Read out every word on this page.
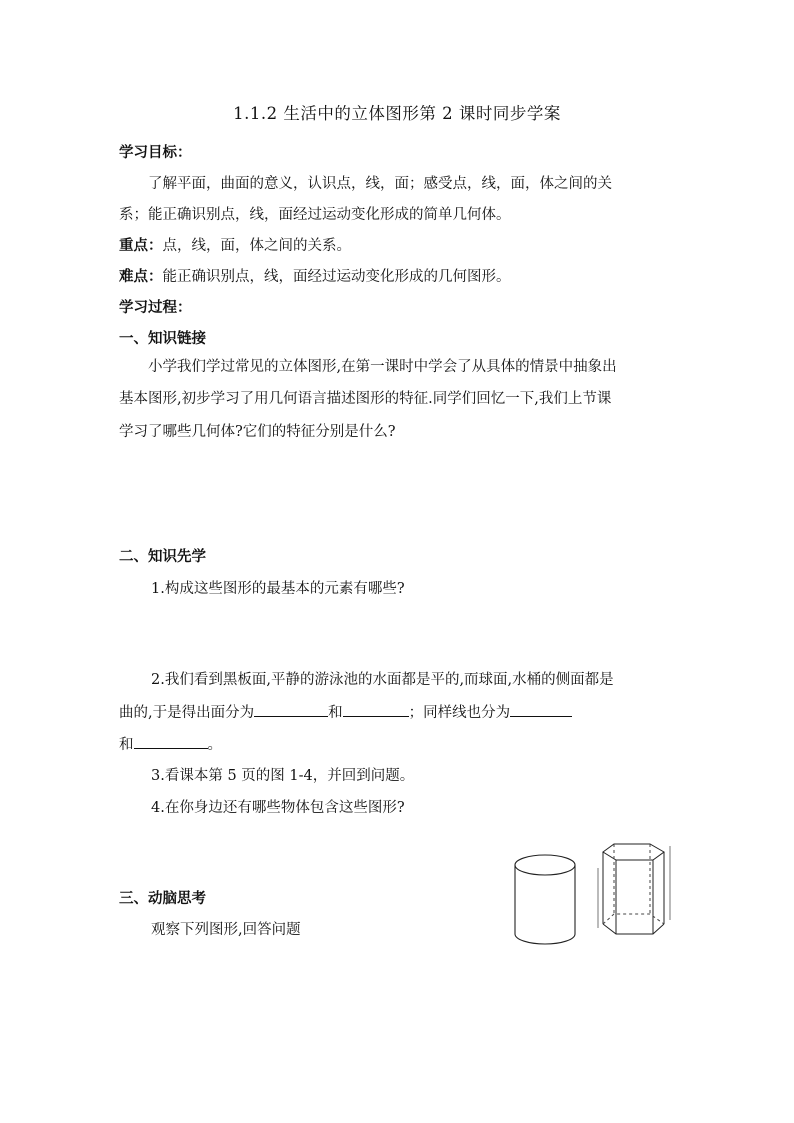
1.1.2 生活中的立体图形第 2 课时同步学案
学习目标：
了解平面，曲面的意义，认识点，线，面；感受点，线，面，体之间的关
系；能正确识别点，线，面经过运动变化形成的简单几何体。
重点：点，线，面，体之间的关系。
难点：能正确识别点，线，面经过运动变化形成的几何图形。
学习过程：
一、知识链接
小学我们学过常见的立体图形,在第一课时中学会了从具体的情景中抽象出
基本图形,初步学习了用几何语言描述图形的特征.同学们回忆一下,我们上节课
学习了哪些几何体?它们的特征分别是什么?
二、知识先学
1.构成这些图形的最基本的元素有哪些?
2.我们看到黑板面,平静的游泳池的水面都是平的,而球面,水桶的侧面都是
曲的,于是得出面分为	和	；同样线也分为
和	。
3.看课本第 5 页的图 1-4，并回到问题。
4.在你身边还有哪些物体包含这些图形?
三、动脑思考
观察下列图形,回答问题
